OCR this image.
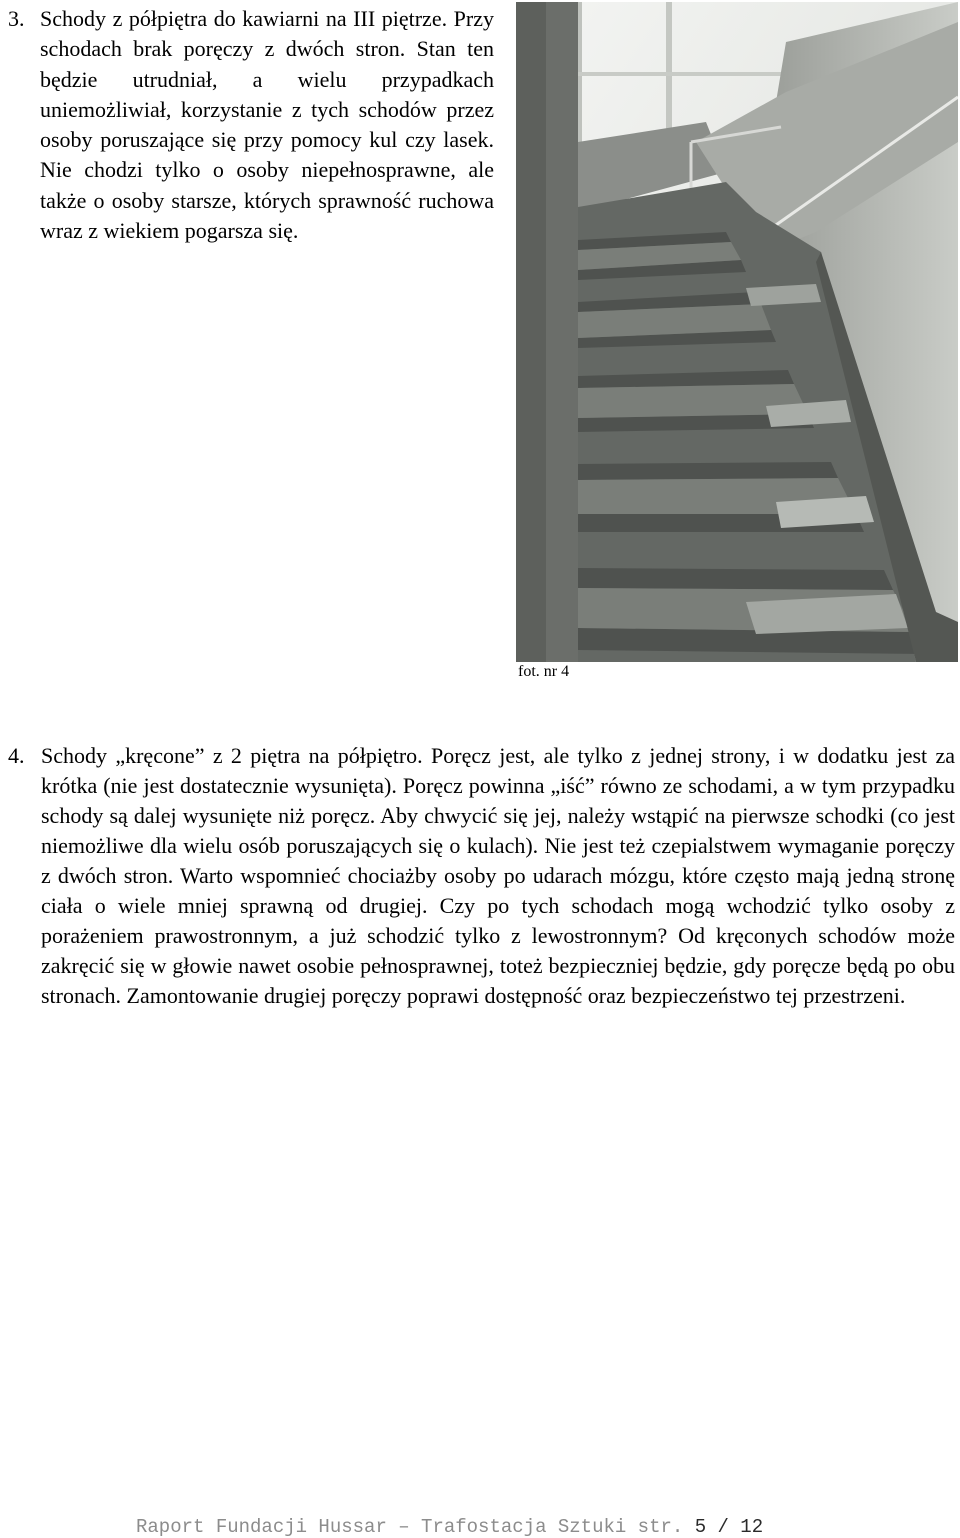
3. Schody z półpiętra do kawiarni na III piętrze. Przy schodach brak poręczy z dwóch stron. Stan ten będzie utrudniał, a wielu przypadkach uniemożliwiał, korzystanie z tych schodów przez osoby poruszające się przy pomocy kul czy lasek. Nie chodzi tylko o osoby niepełnosprawne, ale także o osoby starsze, których sprawność ruchowa wraz z wiekiem pogarsza się.
fot. nr 4
4. Schody „kręcone” z 2 piętra na półpiętro. Poręcz jest, ale tylko z jednej strony, i w dodatku jest za krótka (nie jest dostatecznie wysunięta). Poręcz powinna „iść” równo ze schodami, a w tym przypadku schody są dalej wysunięte niż poręcz. Aby chwycić się jej, należy wstąpić na pierwsze schodki (co jest niemożliwe dla wielu osób poruszających się o kulach). Nie jest też czepialstwem wymaganie poręczy z dwóch stron. Warto wspomnieć chociażby osoby po udarach mózgu, które często mają jedną stronę ciała o wiele mniej sprawną od drugiej. Czy po tych schodach mogą wchodzić tylko osoby z porażeniem prawostronnym, a już schodzić tylko z lewostronnym? Od kręconych schodów może zakręcić się w głowie nawet osobie pełnosprawnej, toteż bezpieczniej będzie, gdy poręcze będą po obu stronach. Zamontowanie drugiej poręczy poprawi dostępność oraz bezpieczeństwo tej przestrzeni.
Raport Fundacji Hussar – Trafostacja Sztuki str. 5 / 12
